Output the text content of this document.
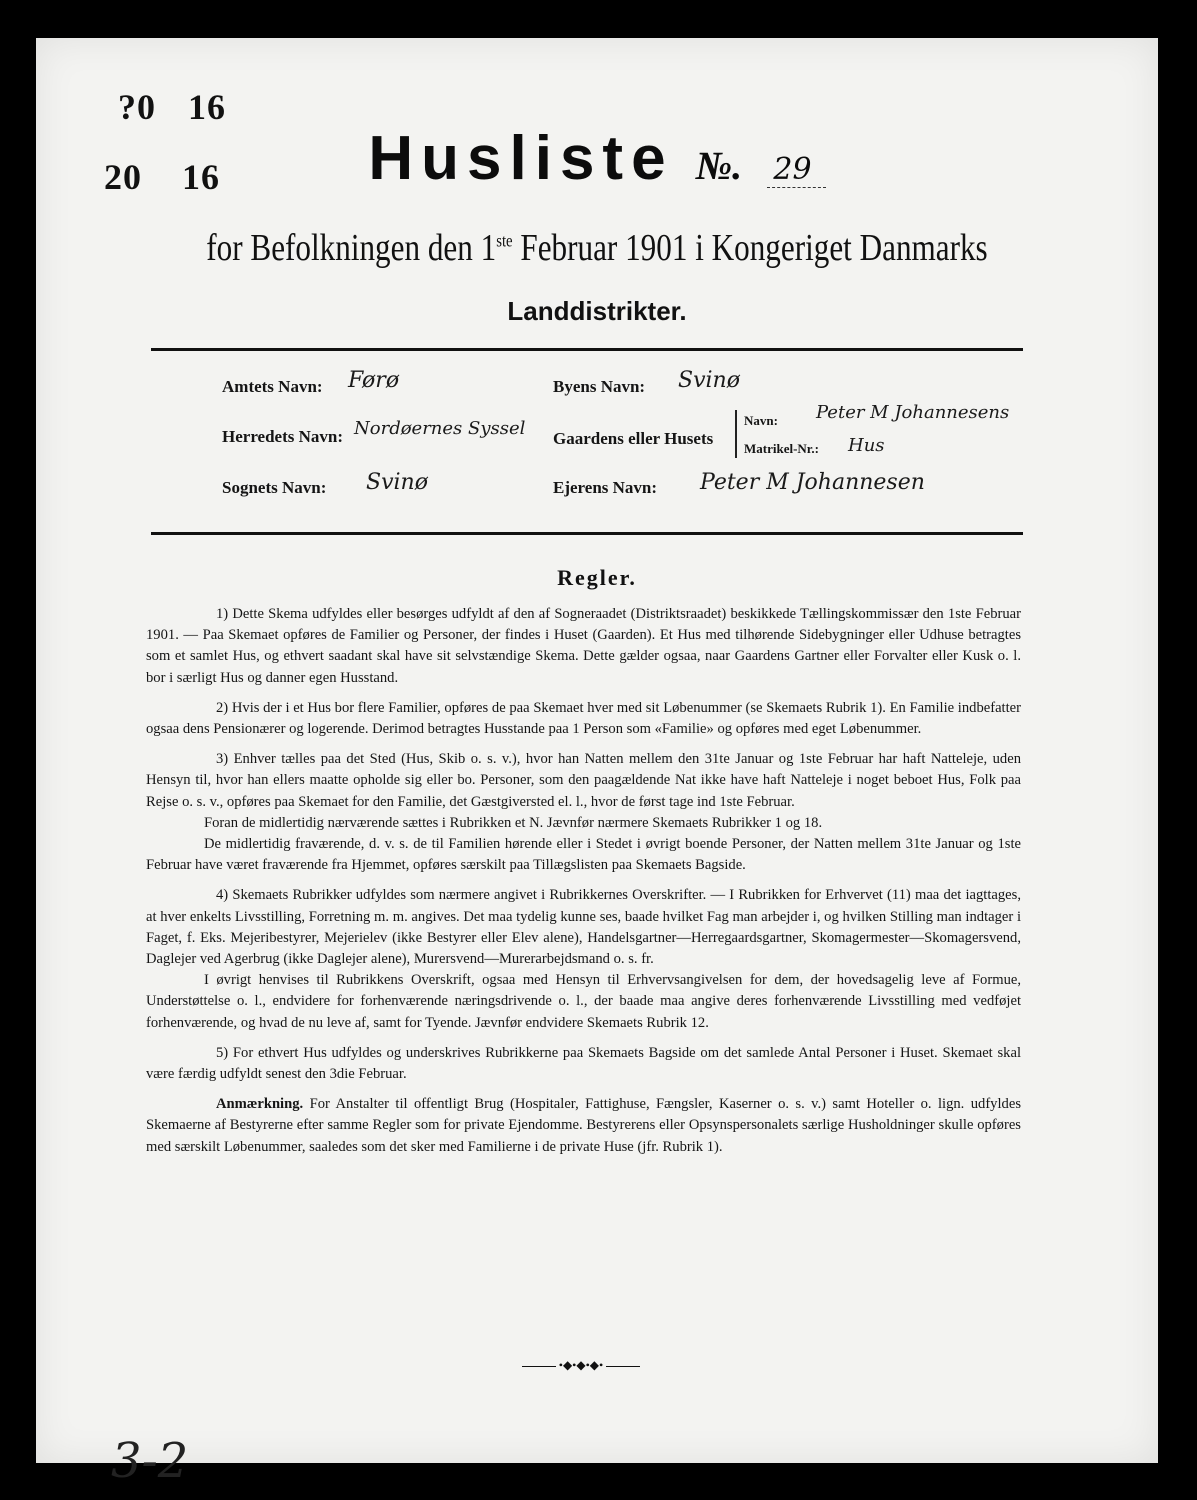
?0 16
20 16	Husliste №. 29
for Befolkningen den 1ste Februar 1901 i Kongeriget Danmarks
Landdistrikter.
Amtets Navn: Førø	Byens Navn: Svinø
Herredets Navn: Nordøernes Syssel Gaardens eller Husets
Navn: Peter M Johannesens
Matrikel-Nr.: Hus
Sognets Navn: Svinø	Ejerens Navn: Peter M Johannesen
Regler.

1) Dette Skema udfyldes eller besørges udfyldt af den af Sogneraadet (Distriktsraadet) beskikkede Tællingskommissær den 1ste Februar 1901. — Paa Skemaet opføres de Familier og Personer, der findes i Huset (Gaarden). Et Hus med tilhørende Sidebygninger eller Udhuse betragtes som et samlet Hus, og ethvert saadant skal have sit selvstændige Skema. Dette gælder ogsaa, naar Gaardens Gartner eller Forvalter eller Kusk o. l. bor i særligt Hus og danner egen Husstand.

2) Hvis der i et Hus bor flere Familier, opføres de paa Skemaet hver med sit Løbenummer (se Skemaets Rubrik 1). En Familie indbefatter ogsaa dens Pensionærer og logerende. Derimod betragtes Husstande paa 1 Person som «Familie» og opføres med eget Løbenummer.

3) Enhver tælles paa det Sted (Hus, Skib o. s. v.), hvor han Natten mellem den 31te Januar og 1ste Februar har haft Natteleje, uden Hensyn til, hvor han ellers maatte opholde sig eller bo. Personer, som den paagældende Nat ikke have haft Natteleje i noget beboet Hus, Folk paa Rejse o. s. v., opføres paa Skemaet for den Familie, det Gæstgiversted el. l., hvor de først tage ind 1ste Februar.

Foran de midlertidig nærværende sættes i Rubrikken et N. Jævnfør nærmere Skemaets Rubrikker 1 og 18.

De midlertidig fraværende, d. v. s. de til Familien hørende eller i Stedet i øvrigt boende Personer, der Natten mellem 31te Januar og 1ste Februar have været fraværende fra Hjemmet, opføres særskilt paa Tillægslisten paa Skemaets Bagside.

4) Skemaets Rubrikker udfyldes som nærmere angivet i Rubrikkernes Overskrifter. — I Rubrikken for Erhvervet (11) maa det iagttages, at hver enkelts Livsstilling, Forretning m. m. angives. Det maa tydelig kunne ses, baade hvilket Fag man arbejder i, og hvilken Stilling man indtager i Faget, f. Eks. Mejeribestyrer, Mejerielev (ikke Bestyrer eller Elev alene), Handelsgartner—Herregaardsgartner, Skomagermester—Skomagersvend, Daglejer ved Agerbrug (ikke Daglejer alene), Murersvend—Murerarbejdsmand o. s. fr.

I øvrigt henvises til Rubrikkens Overskrift, ogsaa med Hensyn til Erhvervsangivelsen for dem, der hovedsagelig leve af Formue, Understøttelse o. l., endvidere for forhenværende næringsdrivende o. l., der baade maa angive deres forhenværende Livsstilling med vedføjet forhenværende, og hvad de nu leve af, samt for Tyende. Jævnfør endvidere Skemaets Rubrik 12.

5) For ethvert Hus udfyldes og underskrives Rubrikkerne paa Skemaets Bagside om det samlede Antal Personer i Huset. Skemaet skal være færdig udfyldt senest den 3die Februar.

Anmærkning. For Anstalter til offentligt Brug (Hospitaler, Fattighuse, Fængsler, Kaserner o. s. v.) samt Hoteller o. lign. udfyldes Skemaerne af Bestyrerne efter samme Regler som for private Ejendomme. Bestyrerens eller Opsynspersonalets særlige Husholdninger skulle opføres med særskilt Løbenummer, saaledes som det sker med Familierne i de private Huse (jfr. Rubrik 1).

•◆•◆•◆•
3-2
